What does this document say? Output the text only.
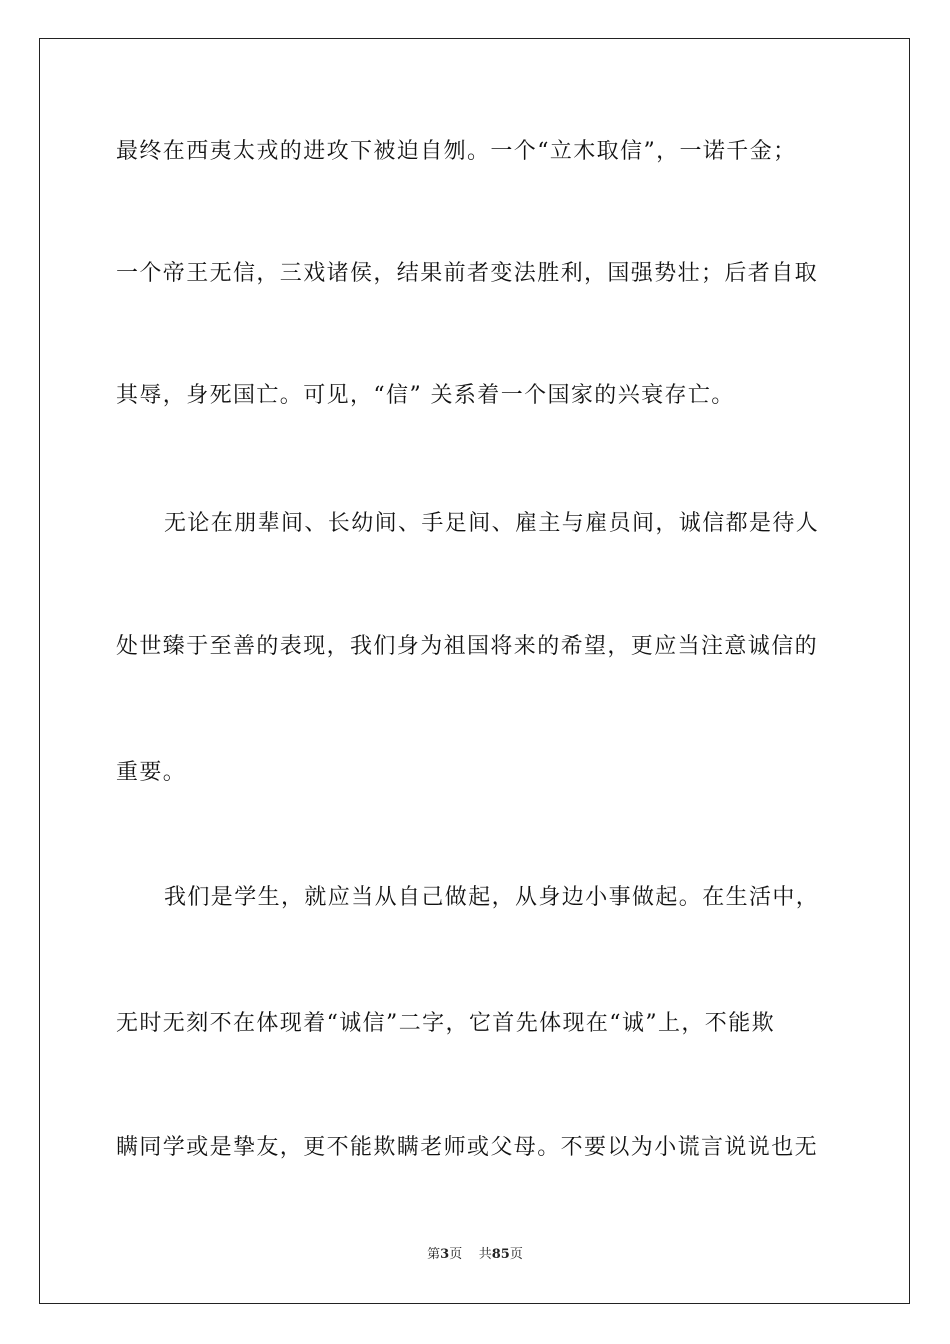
最终在西夷太戎的进攻下被迫自刎。一个“立木取信”，一诺千金；
一个帝王无信，三戏诸侯，结果前者变法胜利，国强势壮；后者自取
其辱，身死国亡。可见，“信” 关系着一个国家的兴衰存亡。
无论在朋辈间、长幼间、手足间、雇主与雇员间，诚信都是待人
处世臻于至善的表现，我们身为祖国将来的希望，更应当注意诚信的
重要。
我们是学生，就应当从自己做起，从身边小事做起。在生活中，
无时无刻不在体现着“诚信”二字，它首先体现在“诚”上，不能欺
瞒同学或是挚友，更不能欺瞒老师或父母。不要以为小谎言说说也无
第3页 共85页
